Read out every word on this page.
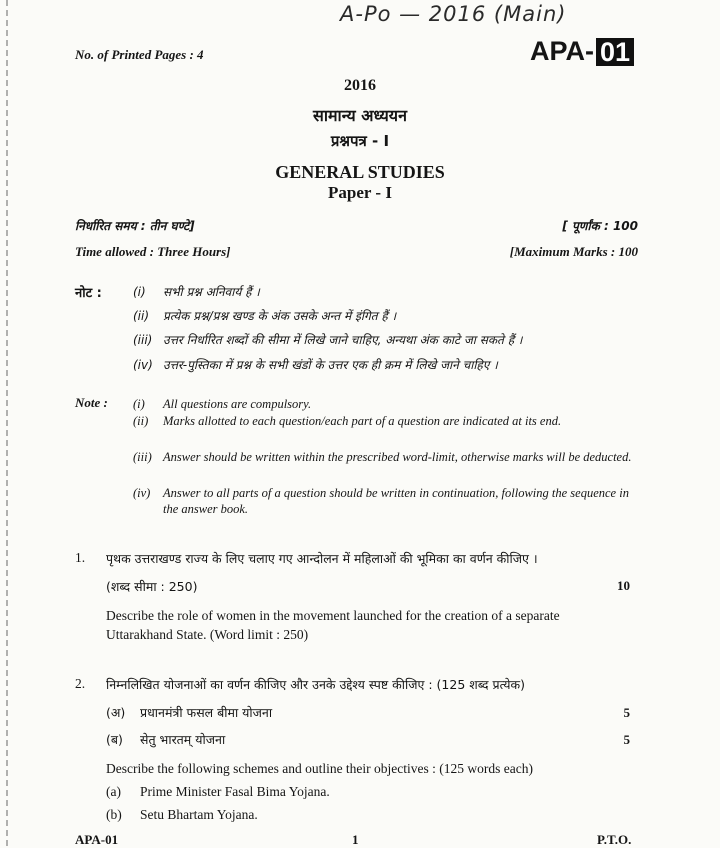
A-Po — 2016 (Main)
No. of Printed Pages : 4	APA- 01
2016
सामान्य अध्ययन
प्रश्नपत्र - I
GENERAL STUDIES
Paper - I
निर्धारित समय : तीन घण्टे]	[ पूर्णांक : 100
Time allowed : Three Hours]	[Maximum Marks : 100
नोट :	(i)	सभी प्रश्न अनिवार्य हैं ।
(ii)	प्रत्येक प्रश्न/प्रश्न खण्ड के अंक उसके अन्त में इंगित हैं ।
(iii) उत्तर निर्धारित शब्दों की सीमा में लिखे जाने चाहिए, अन्यथा अंक काटे जा सकते हैं ।
(iv) उत्तर-पुस्तिका में प्रश्न के सभी खंडों के उत्तर एक ही क्रम में लिखे जाने चाहिए ।
Note : (i)	All questions are compulsory.
(ii)	Marks allotted to each question/each part of a question are indicated at its end.
(iii) Answer should be written within the prescribed word-limit, otherwise marks will be deducted.
(iv)	Answer to all parts of a question should be written in continuation, following the sequence in the answer book.
1. पृथक उत्तराखण्ड राज्य के लिए चलाए गए आन्दोलन में महिलाओं की भूमिका का वर्णन कीजिए ।
(शब्द सीमा : 250)	10
Describe the role of women in the movement launched for the creation of a separate
Uttarakhand State. (Word limit : 250)
2. निम्नलिखित योजनाओं का वर्णन कीजिए और उनके उद्देश्य स्पष्ट कीजिए : (125 शब्द प्रत्येक)
(अ) प्रधानमंत्री फसल बीमा योजना	5
(ब) सेतु भारतम् योजना	5
Describe the following schemes and outline their objectives : (125 words each)
(a) Prime Minister Fasal Bima Yojana.
(b) Setu Bhartam Yojana.
APA-01	1	P.T.O.
